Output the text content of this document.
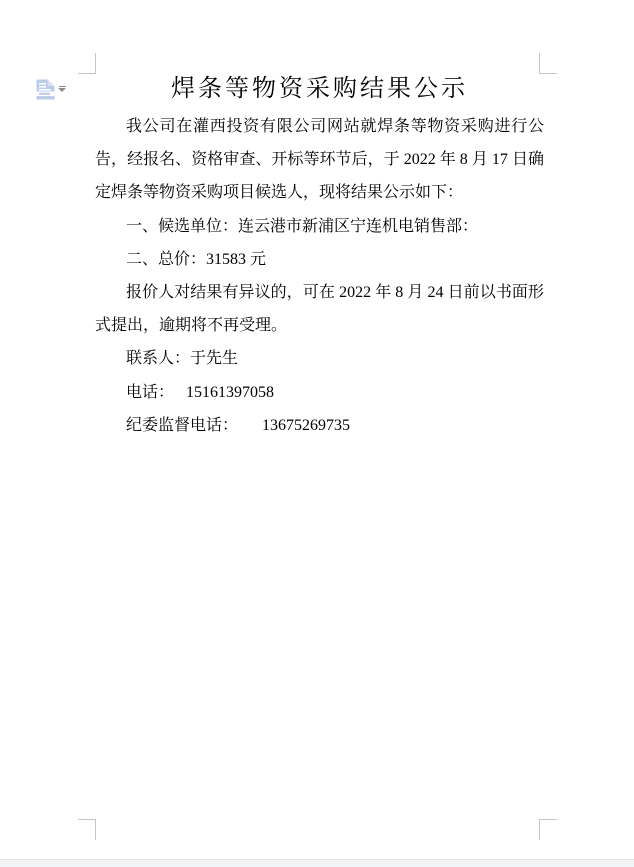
焊条等物资采购结果公示

我公司在灌西投资有限公司网站就焊条等物资采购进行公告，经报名、资格审查、开标等环节后，于 2022 年 8 月 17 日确定焊条等物资采购项目候选人，现将结果公示如下：

一、候选单位：连云港市新浦区宁连机电销售部：

二、总价：31583 元

报价人对结果有异议的，可在 2022 年 8 月 24 日前以书面形式提出，逾期将不再受理。

联系人：于先生

电话：　 15161397058

纪委监督电话：　　13675269735
